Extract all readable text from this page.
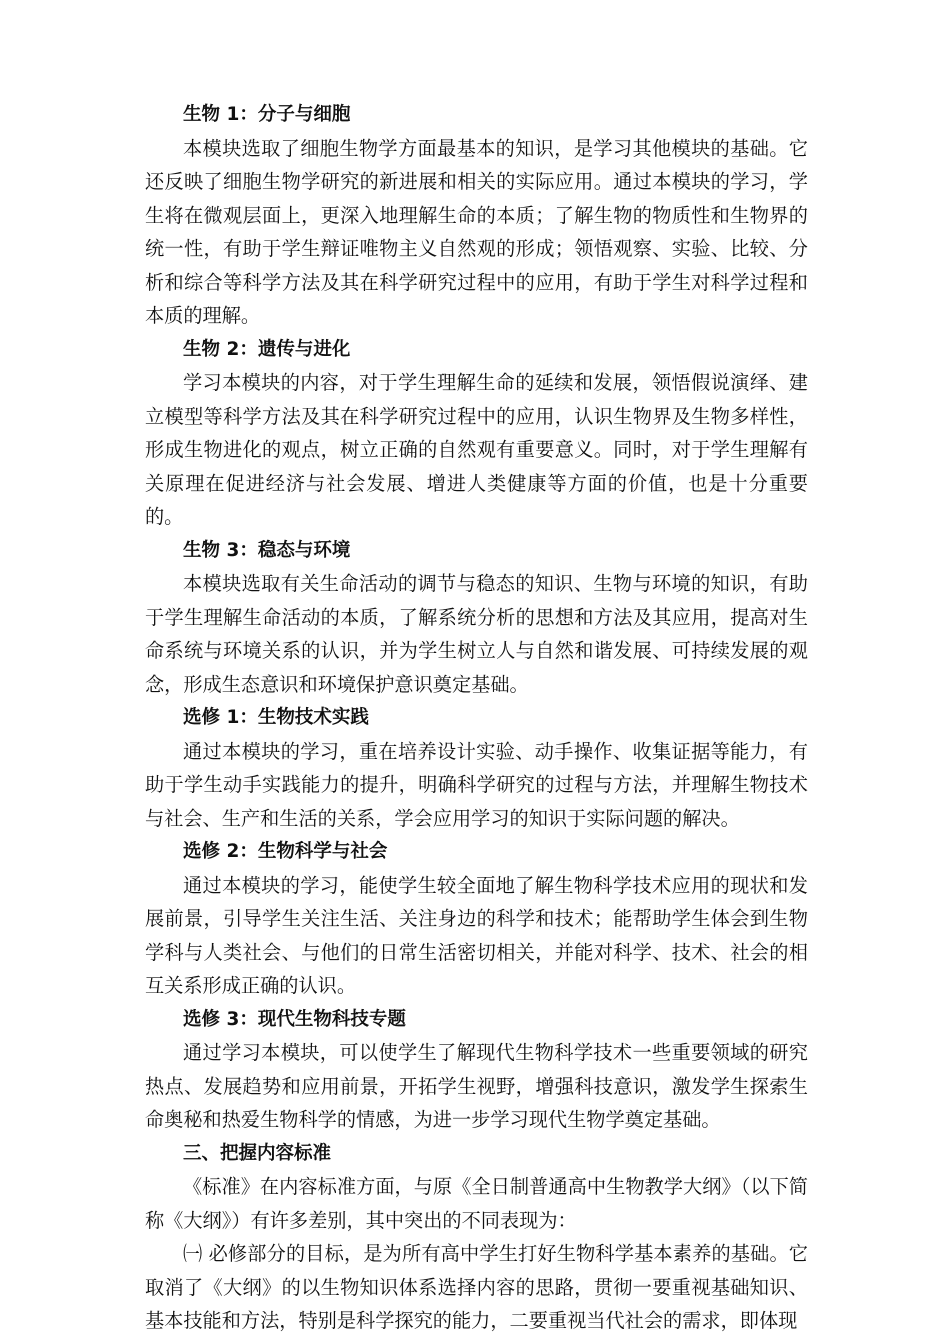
生物 1：分子与细胞

本模块选取了细胞生物学方面最基本的知识，是学习其他模块的基础。它还反映了细胞生物学研究的新进展和相关的实际应用。通过本模块的学习，学生将在微观层面上，更深入地理解生命的本质；了解生物的物质性和生物界的统一性，有助于学生辩证唯物主义自然观的形成；领悟观察、实验、比较、分析和综合等科学方法及其在科学研究过程中的应用，有助于学生对科学过程和本质的理解。

生物 2：遗传与进化

学习本模块的内容，对于学生理解生命的延续和发展，领悟假说演绎、建立模型等科学方法及其在科学研究过程中的应用，认识生物界及生物多样性，形成生物进化的观点，树立正确的自然观有重要意义。同时，对于学生理解有关原理在促进经济与社会发展、增进人类健康等方面的价值，也是十分重要的。

生物 3：稳态与环境

本模块选取有关生命活动的调节与稳态的知识、生物与环境的知识，有助于学生理解生命活动的本质，了解系统分析的思想和方法及其应用，提高对生命系统与环境关系的认识，并为学生树立人与自然和谐发展、可持续发展的观念，形成生态意识和环境保护意识奠定基础。

选修 1：生物技术实践

通过本模块的学习，重在培养设计实验、动手操作、收集证据等能力，有助于学生动手实践能力的提升，明确科学研究的过程与方法，并理解生物技术与社会、生产和生活的关系，学会应用学习的知识于实际问题的解决。

选修 2：生物科学与社会

通过本模块的学习，能使学生较全面地了解生物科学技术应用的现状和发展前景，引导学生关注生活、关注身边的科学和技术；能帮助学生体会到生物学科与人类社会、与他们的日常生活密切相关，并能对科学、技术、社会的相互关系形成正确的认识。

选修 3：现代生物科技专题

通过学习本模块，可以使学生了解现代生物科学技术一些重要领域的研究热点、发展趋势和应用前景，开拓学生视野，增强科技意识，激发学生探索生命奥秘和热爱生物科学的情感，为进一步学习现代生物学奠定基础。

三、把握内容标准

《标准》在内容标准方面，与原《全日制普通高中生物教学大纲》（以下简称《大纲》）有许多差别，其中突出的不同表现为：

㈠ 必修部分的目标，是为所有高中学生打好生物科学基本素养的基础。它取消了《大纲》的以生物知识体系选择内容的思路，贯彻一要重视基础知识、基本技能和方法，特别是科学探究的能力，二要重视当代社会的需求，即体现
